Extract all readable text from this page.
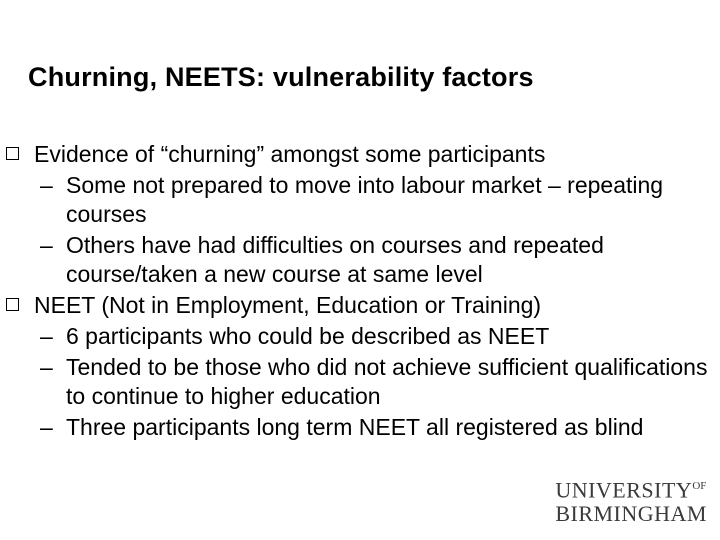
Churning, NEETS: vulnerability factors
Evidence of “churning” amongst some participants
– Some not prepared to move into labour market – repeating courses
– Others have had difficulties on courses and repeated course/taken a new course at same level
NEET (Not in Employment, Education or Training)
– 6 participants who could be described as NEET
– Tended to be those who did not achieve sufficient qualifications to continue to higher education
– Three participants long term NEET all registered as blind
$UNIVERSITY^{OF}$
BIRMINGHAM
